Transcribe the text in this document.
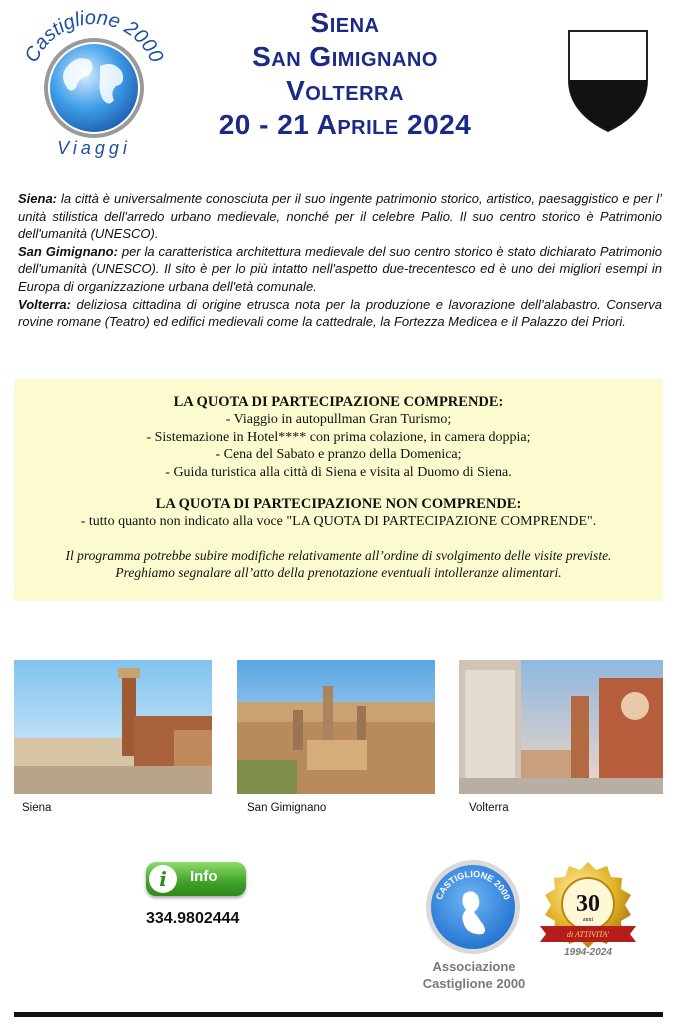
Castiglione 2000
Viaggi
Siena
San Gimignano
Volterra
20 - 21 Aprile 2024

Siena: la città è universalmente conosciuta per il suo ingente patrimonio storico, artistico, paesaggistico e per l’ unità stilistica dell'arredo urbano medievale, nonché per il celebre Palio. Il suo centro storico è Patrimonio dell'umanità (UNESCO).

San Gimignano: per la caratteristica architettura medievale del suo centro storico è stato dichiarato Patrimonio dell'umanità (UNESCO). Il sito è per lo più intatto nell'aspetto due-trecentesco ed è uno dei migliori esempi in Europa di organizzazione urbana dell'età comunale.

Volterra: deliziosa cittadina di origine etrusca nota per la produzione e lavorazione dell’alabastro. Conserva rovine romane (Teatro) ed edifici medievali come la cattedrale, la Fortezza Medicea e il Palazzo dei Priori.

LA QUOTA DI PARTECIPAZIONE COMPRENDE:

- Viaggio in autopullman Gran Turismo;

- Sistemazione in Hotel**** con prima colazione, in camera doppia;

- Cena del Sabato e pranzo della Domenica;

- Guida turistica alla città di Siena e visita al Duomo di Siena.

LA QUOTA DI PARTECIPAZIONE NON COMPRENDE:

- tutto quanto non indicato alla voce "LA QUOTA DI PARTECIPAZIONE COMPRENDE".

Il programma potrebbe subire modifiche relativamente all’ordine di svolgimento delle visite previste.

Preghiamo segnalare all’atto della prenotazione eventuali intolleranze alimentari.

Siena	San Gimignano	Volterra
i	Info
334.9802444
CASTIGLIONE 2000
Associazione
Castiglione 2000
30
anni
di ATTIVITA'
1994-2024
